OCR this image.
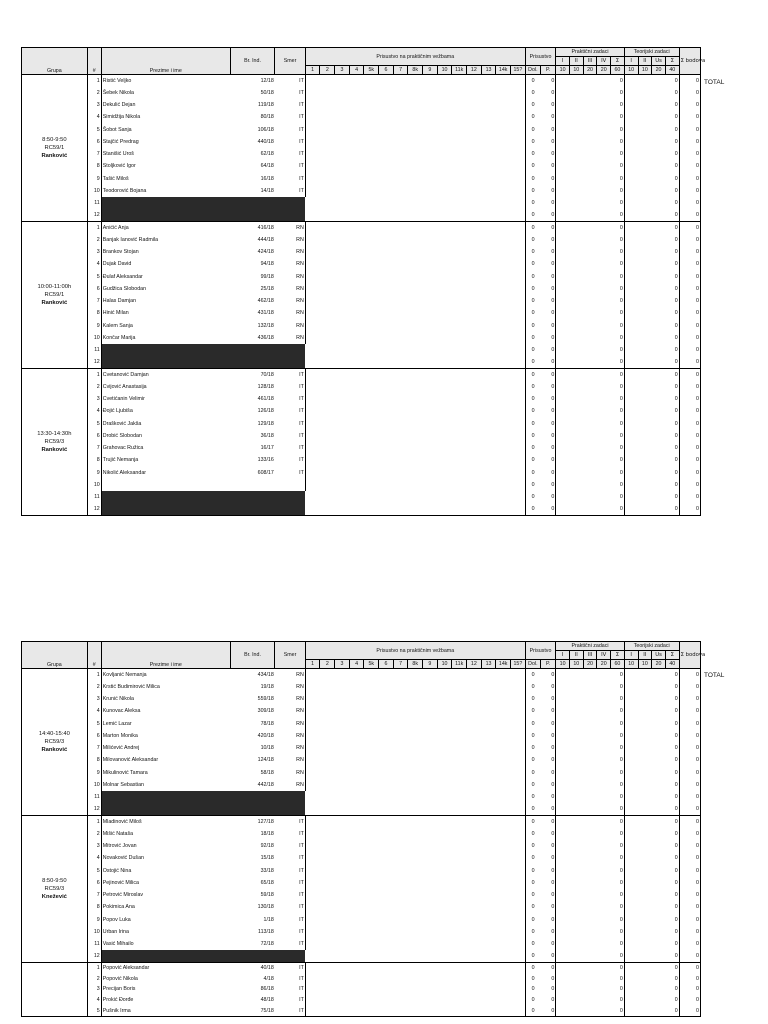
Grupa	#	Prezime i ime	Br. Ind.	Smer	Prisustvo na praktičnim vežbama															Prisustvo		Praktični zadaci					Teorijski zadaci				Σ bodova
																						I	II	III	IV	Σ	I	II	Us	Σ	
					1	2	3	4	5k	6	7	8k	9	10	11k	12	13	14k	15?	Dol.	P.	10	10	20	20	60	10	10	20	40	

8:50-9:50
RC59/1
Ranković	1	Ristić Veljko	12/18	IT																0	0					0				0	0
	2	Šebek Nikola	50/18	IT																0	0					0				0	0
	3	Dekulić Dejan	119/18	IT																0	0					0				0	0
	4	Simidžija Nikola	80/18	IT																0	0					0				0	0
	5	Šobot Sanja	106/18	IT																0	0					0				0	0
	6	Stajčić Predrag	440/18	IT																0	0					0				0	0
	7	Stanišić Uroš	62/18	IT																0	0					0				0	0
	8	Stoljković Igor	64/18	IT																0	0					0				0	0
	9	Tašić Miloš	16/18	IT																0	0					0				0	0
	10	Teodorović Bojana	14/18	IT																0	0					0				0	0
	11																			0	0					0				0	0
	12																			0	0					0				0	0

10:00-11:00h
RC59/1
Ranković	1	Anićić Anja	416/18	RN																0	0					0				0	0
	2	Banjak Ianović Radmila	444/18	RN																0	0					0				0	0
	3	Brankov Stojan	424/18	RN																0	0					0				0	0
	4	Dujak David	94/18	RN																0	0					0				0	0
	5	Đulaf Aleksandar	99/18	RN																0	0					0				0	0
	6	Gudžica Slobodan	25/18	RN																0	0					0				0	0
	7	Halas Damjan	462/18	RN																0	0					0				0	0
	8	Hinić Milan	431/18	RN																0	0					0				0	0
	9	Kalem Sanja	132/18	RN																0	0					0				0	0
	10	Končar Marija	436/18	RN																0	0					0				0	0
	11																			0	0					0				0	0
	12																			0	0					0				0	0

13:30-14:30h
RC59/3
Ranković	1	Cvetanović Damjan	70/18	IT																0	0					0				0	0
	2	Cvijović Anastasija	128/18	IT																0	0					0				0	0
	3	Cvetićanin Velimir	461/18	IT																0	0					0				0	0
	4	Đojić Ljubiša	126/18	IT																0	0					0				0	0
	5	Drašković Jakša	129/18	IT																0	0					0				0	0
	6	Drobić Slobodan	36/18	IT																0	0					0				0	0
	7	Grahovac Ružica	16/17	IT																0	0					0				0	0
	8	Trujić Nemanja	133/16	IT																0	0					0				0	0
	9	Nikolić Aleksandar	608/17	IT																0	0					0				0	0
	10																			0	0					0				0	0
	11																			0	0					0				0	0
	12																			0	0					0				0	0
TOTAL
Grupa	#	Prezime i ime	Br. Ind.	Smer	Prisustvo na praktičnim vežbama															Prisustvo		Praktični zadaci					Teorijski zadaci				Σ bodova
																						I	II	III	IV	Σ	I	II	Us	Σ	
					1	2	3	4	5k	6	7	8k	9	10	11k	12	13	14k	15?	Dol.	P.	10	10	20	20	60	10	10	20	40	

14:40-15:40
RC59/3
Ranković	1	Kovljanić Nemanja	434/18	RN																0	0					0				0	0
	2	Krstić Budimirović Milica	19/18	RN																0	0					0				0	0
	3	Krunić Nikola	559/18	RN																0	0					0				0	0
	4	Kunovac Aleksa	309/18	RN																0	0					0				0	0
	5	Lemić Lazar	78/18	RN																0	0					0				0	0
	6	Marton Monika	420/18	RN																0	0					0				0	0
	7	Milićević Andrej	10/18	RN																0	0					0				0	0
	8	Milovanović Aleksandar	124/18	RN																0	0					0				0	0
	9	Mikulinović Tamara	58/18	RN																0	0					0				0	0
	10	Molnar Sebastian	442/18	RN																0	0					0				0	0
	11																			0	0					0				0	0
	12																			0	0					0				0	0

8:50-9:50
RC59/3
Knežević	1	Mladinović Miloš	127/18	IT																0	0					0				0	0
	2	Mišić Nataša	18/18	IT																0	0					0				0	0
	3	Mitrović Jovan	92/18	IT																0	0					0				0	0
	4	Novaković Dušan	15/18	IT																0	0					0				0	0
	5	Ostojić Nina	33/18	IT																0	0					0				0	0
	6	Pejinović Milica	65/18	IT																0	0					0				0	0
	7	Petrović Miroslav	59/18	IT																0	0					0				0	0
	8	Pokimica Ana	130/18	IT																0	0					0				0	0
	9	Popov Luka	1/18	IT																0	0					0				0	0
	10	Urban Irina	113/18	IT																0	0					0				0	0
	11	Vasić Mihailo	72/18	IT																0	0					0				0	0
	12																			0	0					0				0	0

	1	Popović Aleksandar	40/18	IT																0	0					0				0	0
	2	Popović Nikola	4/18	IT																0	0					0				0	0
	3	Precijan Boris	86/18	IT																0	0					0				0	0
	4	Prokić Đorđe	48/18	IT																0	0					0				0	0
	5	Pušnik Irma	75/18	IT																0	0					0				0	0
TOTAL
